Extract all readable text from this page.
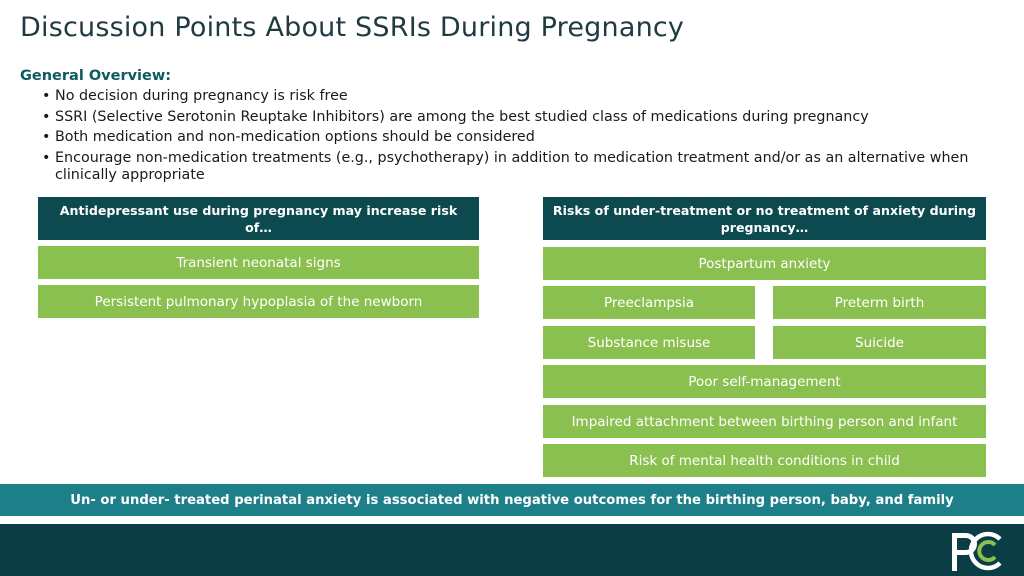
Discussion Points About SSRIs During Pregnancy
General Overview:
• No decision during pregnancy is risk free
• SSRI (Selective Serotonin Reuptake Inhibitors) are among the best studied class of medications during pregnancy
• Both medication and non-medication options should be considered
• Encourage non-medication treatments (e.g., psychotherapy) in addition to medication treatment and/or as an alternative when clinically appropriate
Antidepressant use during pregnancy may increase risk of…
Transient neonatal signs
Persistent pulmonary hypoplasia of the newborn
Risks of under-treatment or no treatment of anxiety during pregnancy…
Postpartum anxiety
Preeclampsia	Preterm birth
Substance misuse	Suicide
Poor self-management
Impaired attachment between birthing person and infant
Risk of mental health conditions in child
Un- or under- treated perinatal anxiety is associated with negative outcomes for the birthing person, baby, and family
